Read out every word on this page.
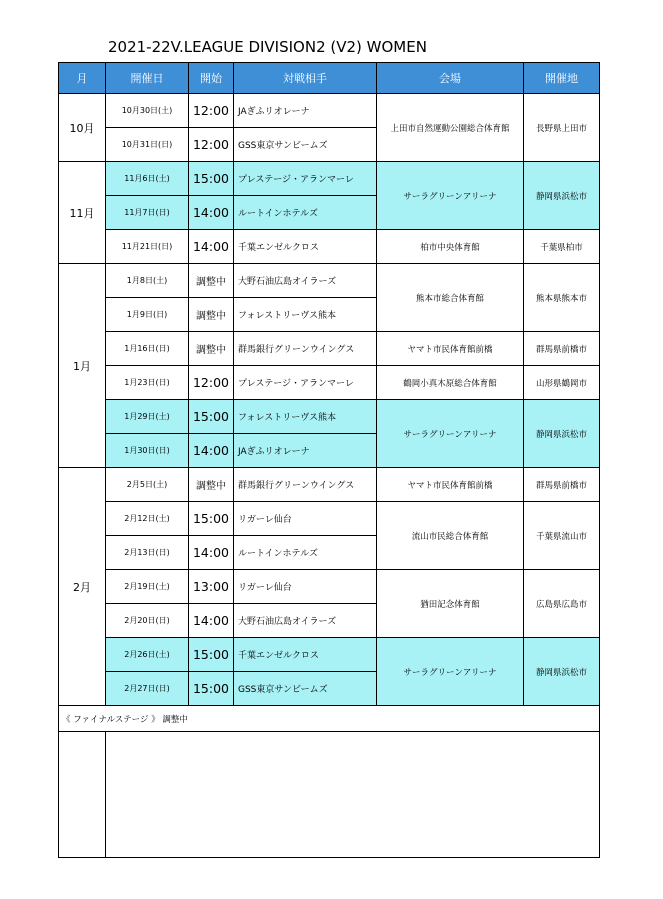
2021-22V.LEAGUE DIVISION2 (V2) WOMEN
月	開催日	開始	対戦相手	会場	開催地
10月	10月30日(土)	12:00	JAぎふリオレーナ	上田市自然運動公園総合体育館	長野県上田市
	10月31日(日)	12:00	GSS東京サンビームズ		
11月	11月6日(土)	15:00	プレステージ・アランマーレ	サーラグリーンアリーナ	静岡県浜松市
	11月7日(日)	14:00	ルートインホテルズ		
	11月21日(日)	14:00	千葉エンゼルクロス	柏市中央体育館	千葉県柏市
1月	1月8日(土)	調整中	大野石油広島オイラーズ	熊本市総合体育館	熊本県熊本市
	1月9日(日)	調整中	フォレストリーヴス熊本		
	1月16日(日)	調整中	群馬銀行グリーンウイングス	ヤマト市民体育館前橋	群馬県前橋市
	1月23日(日)	12:00	プレステージ・アランマーレ	鶴岡小真木原総合体育館	山形県鶴岡市
	1月29日(土)	15:00	フォレストリーヴス熊本	サーラグリーンアリーナ	静岡県浜松市
	1月30日(日)	14:00	JAぎふリオレーナ		
2月	2月5日(土)	調整中	群馬銀行グリーンウイングス	ヤマト市民体育館前橋	群馬県前橋市
	2月12日(土)	15:00	リガーレ仙台	流山市民総合体育館	千葉県流山市
	2月13日(日)	14:00	ルートインホテルズ		
	2月19日(土)	13:00	リガーレ仙台	猶田記念体育館	広島県広島市
	2月20日(日)	14:00	大野石油広島オイラーズ		
	2月26日(土)	15:00	千葉エンゼルクロス	サーラグリーンアリーナ	静岡県浜松市
	2月27日(日)	15:00	GSS東京サンビームズ		
《 ファイナルステージ 》 調整中					
